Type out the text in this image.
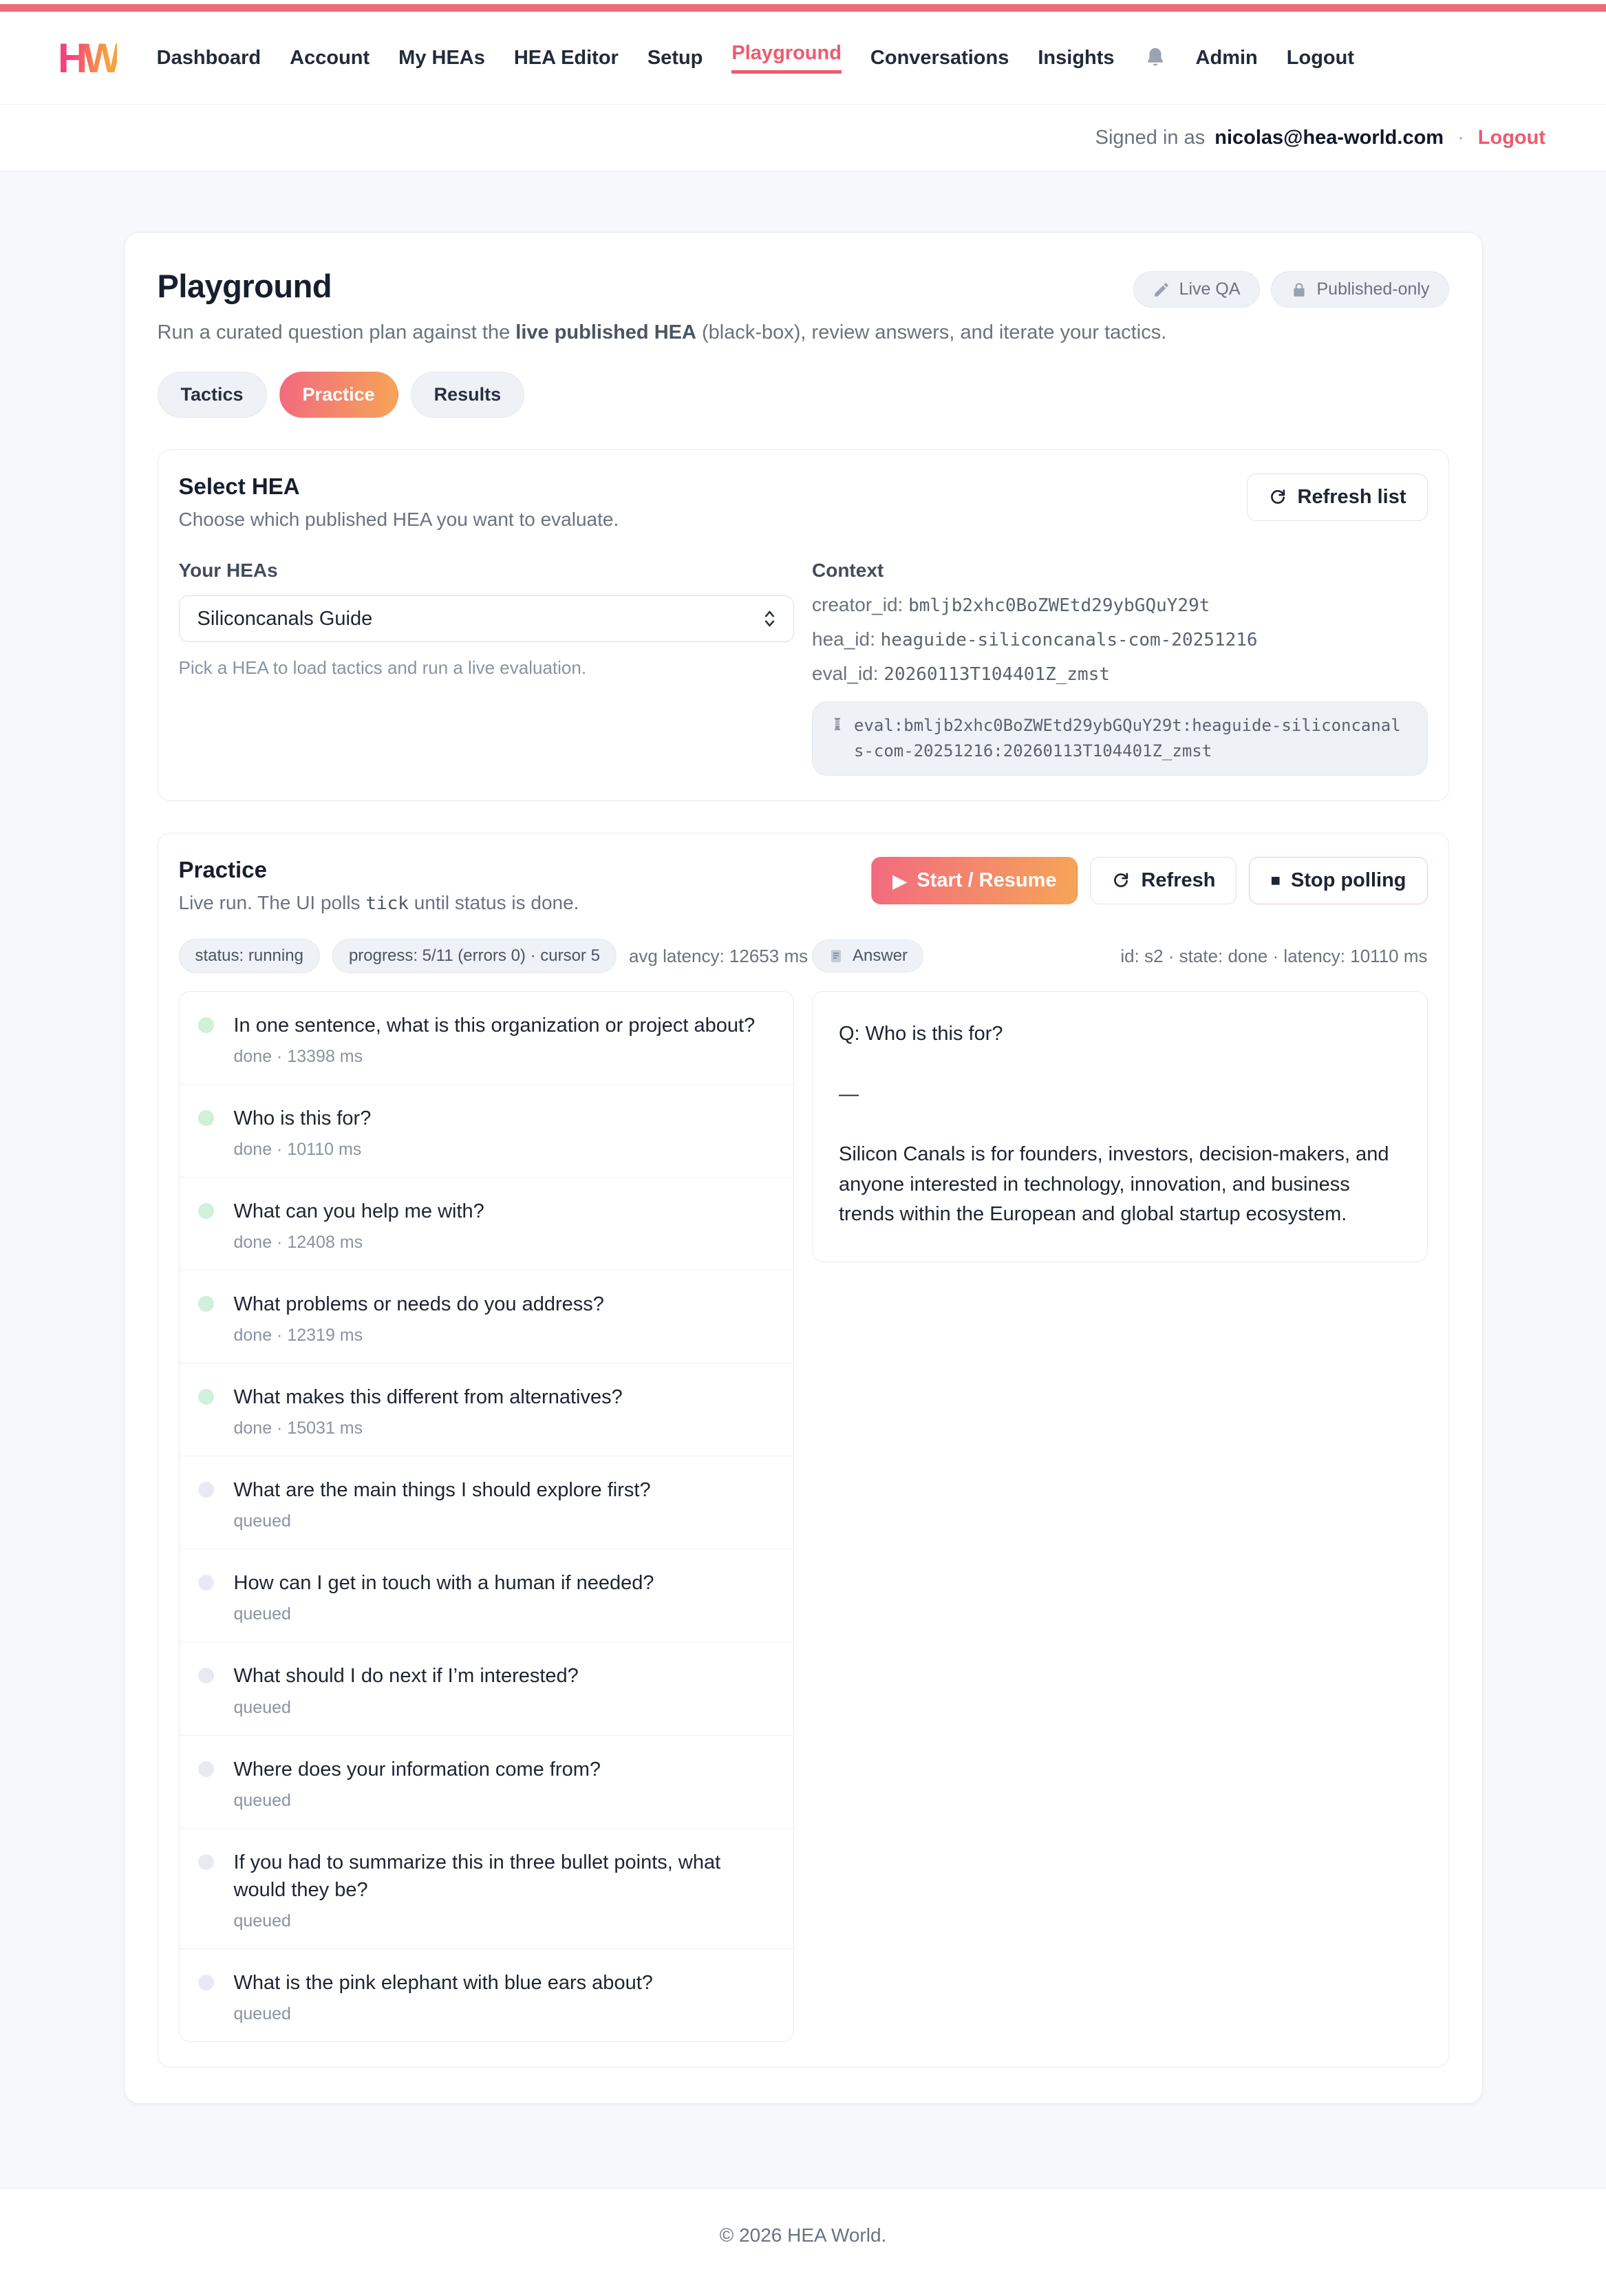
HW Dashboard Account My HEAs HEA Editor Setup Playground Conversations Insights	Admin Logout
Signed in as nicolas@hea-world.com · Logout
Playground	Live QA	Published-only

Run a curated question plan against the live published HEA (black-box), review answers, and iterate your tactics.

Tactics	Practice	Results
Select HEA
Choose which published HEA you want to evaluate.
Refresh list
Your HEAs
Siliconcanals Guide
Pick a HEA to load tactics and run a live evaluation.
Context
creator_id: bmljb2xhc0BoZWEtd29ybGQuY29t
hea_id: heaguide-siliconcanals-com-20251216
eval_id: 20260113T104401Z_zmst
eval:bmljb2xhc0BoZWEtd29ybGQuY29t:heaguide-siliconcanals-com-20251216:20260113T104401Z_zmst
Practice
Live run. The UI polls tick until status is done.
▶ Start / Resume	Refresh	■ Stop polling
status: running	progress: 5/11 (errors 0) · cursor 5	avg latency: 12653 ms	Answer	id: s2 · state: done · latency: 10110 ms
In one sentence, what is this organization or project about?
done · 13398 ms
Who is this for?
done · 10110 ms
What can you help me with?
done · 12408 ms
What problems or needs do you address?
done · 12319 ms
What makes this different from alternatives?
done · 15031 ms
What are the main things I should explore first?
queued
How can I get in touch with a human if needed?
queued
What should I do next if I’m interested?
queued
Where does your information come from?
queued
If you had to summarize this in three bullet points, what would they be?
queued
What is the pink elephant with blue ears about?
queued
Q: Who is this for?
—
Silicon Canals is for founders, investors, decision-makers, and anyone interested in technology, innovation, and business trends within the European and global startup ecosystem.

© 2026 HEA World.
